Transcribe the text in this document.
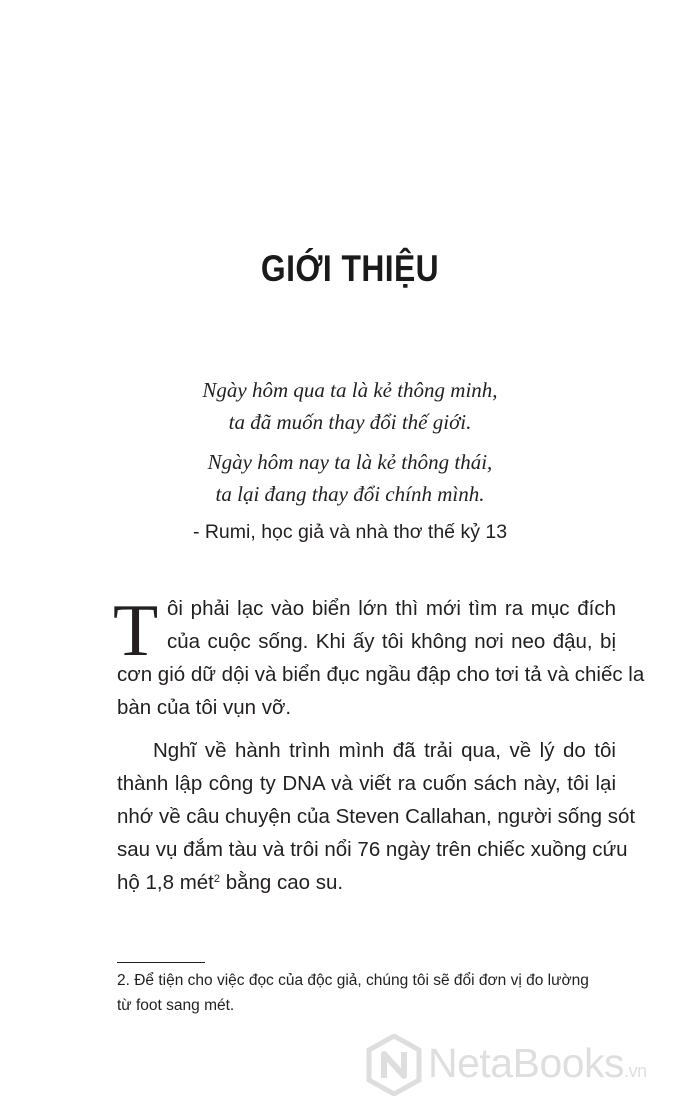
GIỚI THIỆU
Ngày hôm qua ta là kẻ thông minh,
ta đã muốn thay đổi thế giới.
Ngày hôm nay ta là kẻ thông thái,
ta lại đang thay đổi chính mình.
- Rumi, học giả và nhà thơ thế kỷ 13
T ôi phải lạc vào biển lớn thì mới tìm ra mục đích
của cuộc sống. Khi ấy tôi không nơi neo đậu, bị
cơn gió dữ dội và biển đục ngầu đập cho tơi tả và chiếc la
bàn của tôi vụn vỡ.
Nghĩ về hành trình mình đã trải qua, về lý do tôi
thành lập công ty DNA và viết ra cuốn sách này, tôi lại
nhớ về câu chuyện của Steven Callahan, người sống sót
sau vụ đắm tàu và trôi nổi 76 ngày trên chiếc xuồng cứu
hộ 1,8 mét$^2$ bằng cao su.
2. Để tiện cho việc đọc của độc giả, chúng tôi sẽ đổi đơn vị đo lường
từ foot sang mét.
NetaBooks.vn
